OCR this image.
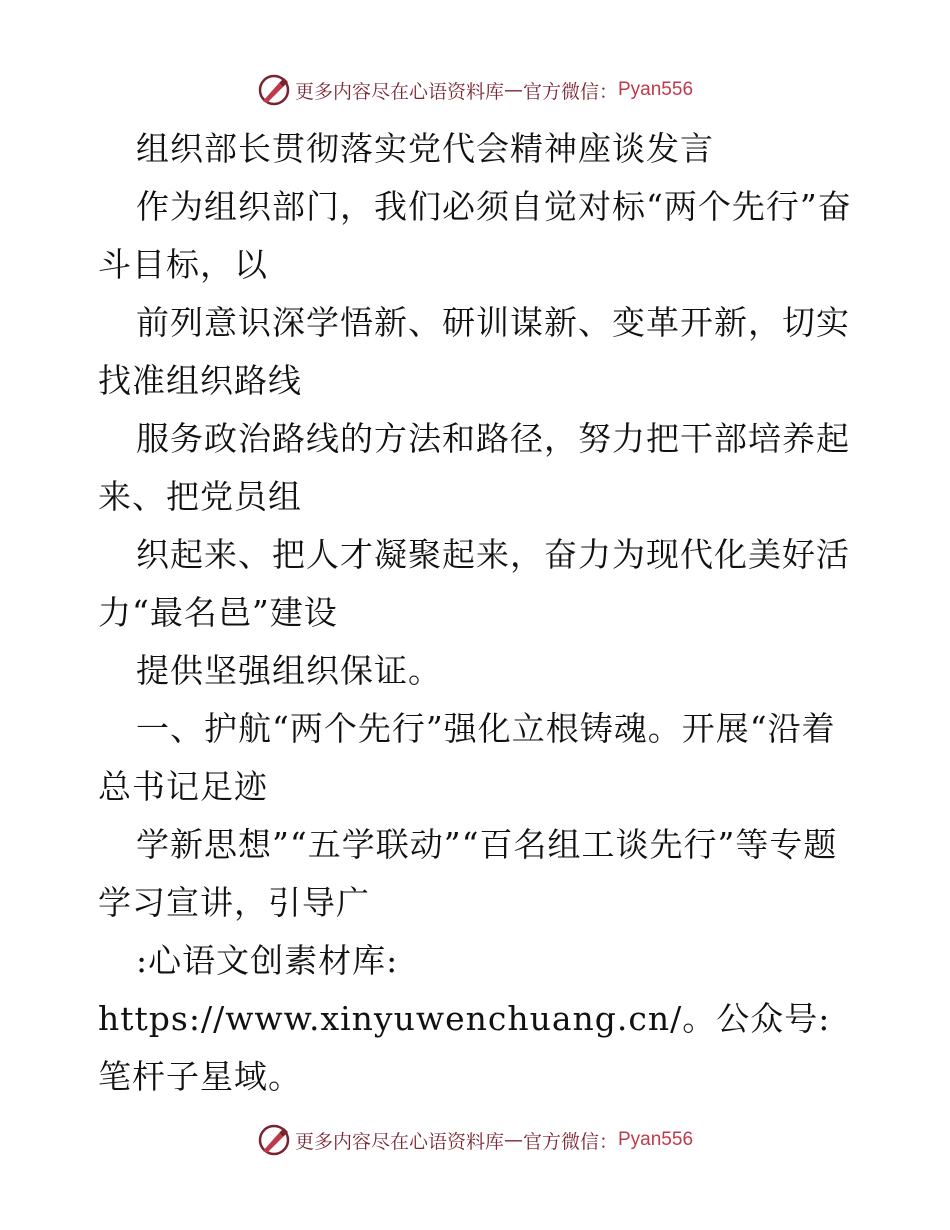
更多内容尽在心语资料库 — 官方微信： Pyan556

组织部长贯彻落实党代会精神座谈发言

作为组织部门，我们必须自觉对标“两个先行”奋斗目标，以

前列意识深学悟新、研训谋新、变革开新，切实找准组织路线

服务政治路线的方法和路径，努力把干部培养起来、把党员组

织起来、把人才凝聚起来，奋力为现代化美好活力“最名邑”建设

提供坚强组织保证。

一、护航“两个先行”强化立根铸魂。开展“沿着总书记足迹

学新思想”“五学联动”“百名组工谈先行”等专题学习宣讲，引导广

:心语文创素材库: https://www.xinyuwenchuang.cn/。公众号: 笔杆子星域。

更多内容尽在心语资料库 — 官方微信： Pyan556
